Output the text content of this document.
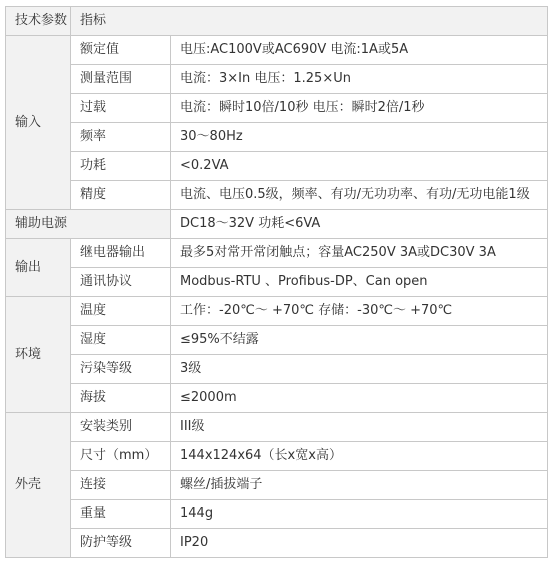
技术参数	指标	
输入	额定值	电压:AC100V或AC690V 电流:1A或5A
	测量范围	电流：3×In 电压：1.25×Un
	过载	电流：瞬时10倍/10秒 电压：瞬时2倍/1秒
	频率	30～80Hz
	功耗	<0.2VA
	精度	电流、电压0.5级，频率、有功/无功功率、有功/无功电能1级
辅助电源		DC18～32V 功耗<6VA
输出	继电器输出	最多5对常开常闭触点；容量AC250V 3A或DC30V 3A
	通讯协议	Modbus-RTU 、Profibus-DP、Can open
环境	温度	工作：-20℃～ +70℃ 存储：-30℃～ +70℃
	湿度	≤95%不结露
	污染等级	3级
	海拔	≤2000m
外壳	安装类别	III级
	尺寸（mm）	144x124x64（长x宽x高）
	连接	螺丝/插拔端子
	重量	144g
	防护等级	IP20
